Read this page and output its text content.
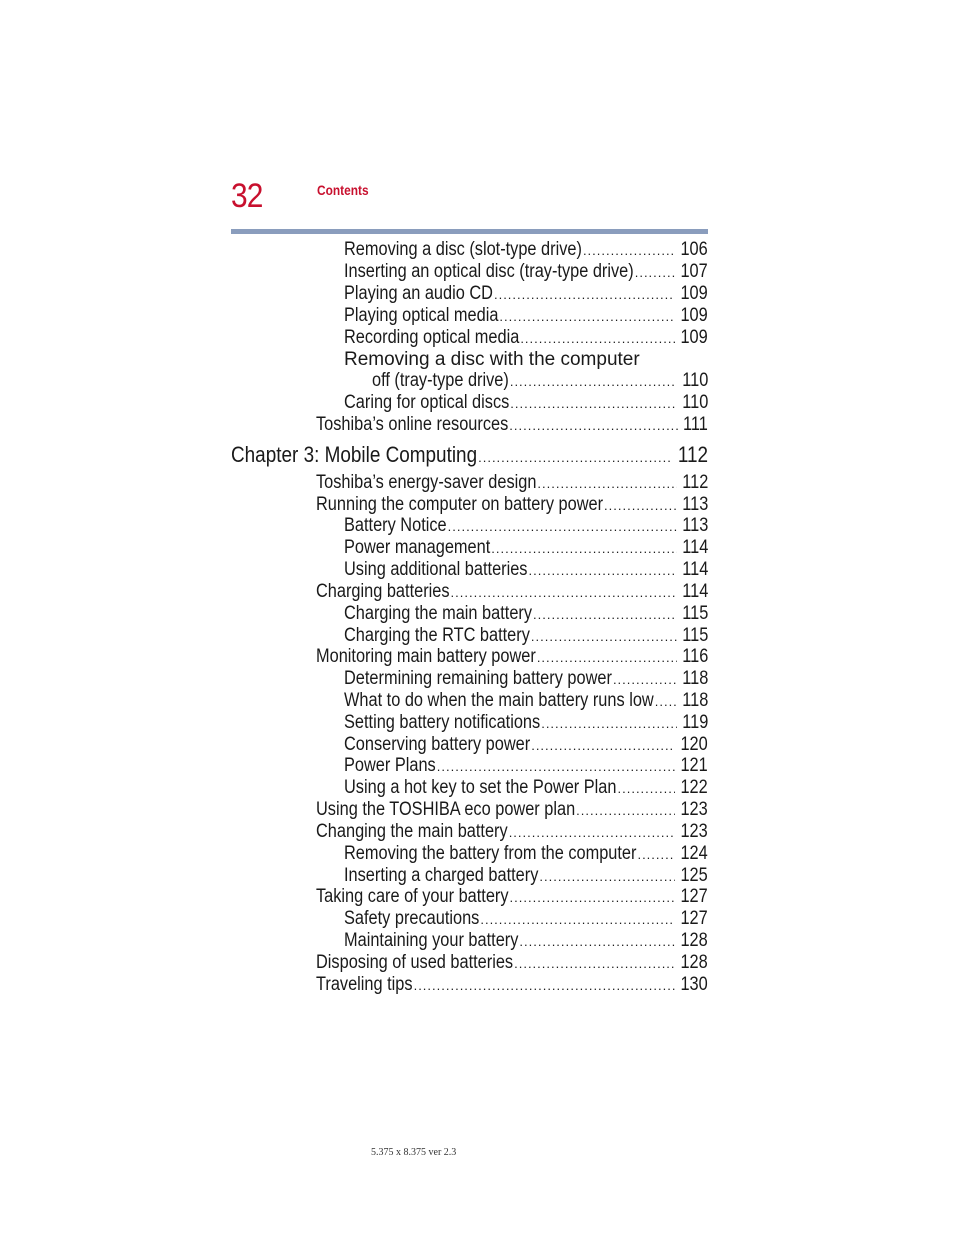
32	Contents
Removing a disc (slot-type drive) .....	106
Inserting an optical disc (tray-type drive) ..... 107
Playing an audio CD .....	109
Playing optical media .....	109
Recording optical media .....	109
Removing a disc with the computer
off (tray-type drive) .....	110
Caring for optical discs .....	110
Toshiba’s online resources .....	111
Chapter 3: Mobile Computing .....	112
Toshiba’s energy-saver design .....	112
Running the computer on battery power .....	113
Battery Notice .....	113
Power management .....	114
Using additional batteries .....	114
Charging batteries .....	114
Charging the main battery .....	115
Charging the RTC battery .....	115
Monitoring main battery power .....	116
Determining remaining battery power .....	118
What to do when the main battery runs low ..... 118
Setting battery notifications .....	119
Conserving battery power .....	120
Power Plans .....	121
Using a hot key to set the Power Plan .....	122
Using the TOSHIBA eco power plan .....	123
Changing the main battery .....	123
Removing the battery from the computer ..... 124
Inserting a charged battery .....	125
Taking care of your battery .....	127
Safety precautions .....	127
Maintaining your battery .....	128
Disposing of used batteries .....	128
Traveling tips .....	130
5.375 x 8.375 ver 2.3
